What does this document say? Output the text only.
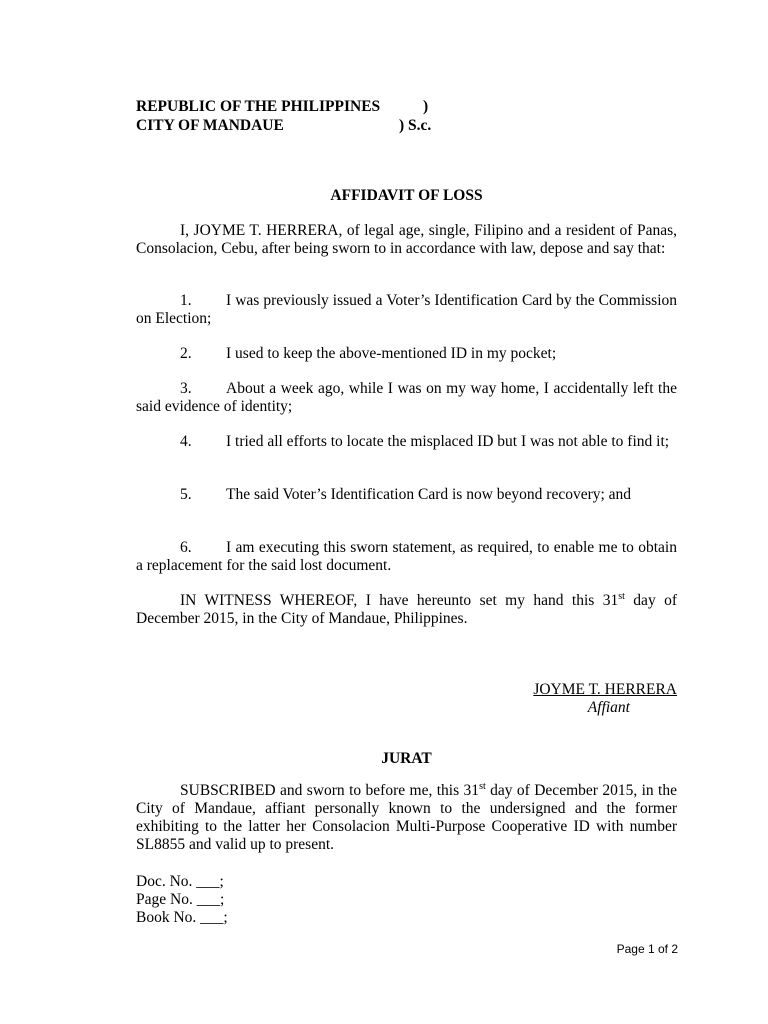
REPUBLIC OF THE PHILIPPINES	)
CITY OF MANDAUE	) S.c.
AFFIDAVIT OF LOSS

I, JOYME T. HERRERA, of legal age, single, Filipino and a resident of Panas, Consolacion, Cebu, after being sworn to in accordance with law, depose and say that:

1. I was previously issued a Voter’s Identification Card by the Commission on Election;

2. I used to keep the above-mentioned ID in my pocket;

3. About a week ago, while I was on my way home, I accidentally left the said evidence of identity;

4. I tried all efforts to locate the misplaced ID but I was not able to find it;

5. The said Voter’s Identification Card is now beyond recovery; and

6. I am executing this sworn statement, as required, to enable me to obtain a replacement for the said lost document.

IN WITNESS WHEREOF, I have hereunto set my hand this 31st day of December 2015, in the City of Mandaue, Philippines.

JOYME T. HERRERA
Affiant
JURAT

SUBSCRIBED and sworn to before me, this 31st day of December 2015, in the City of Mandaue, affiant personally known to the undersigned and the former exhibiting to the latter her Consolacion Multi-Purpose Cooperative ID with number SL8855 and valid up to present.

Doc. No. ___;
Page No. ___;
Book No. ___;
Page 1 of 2
